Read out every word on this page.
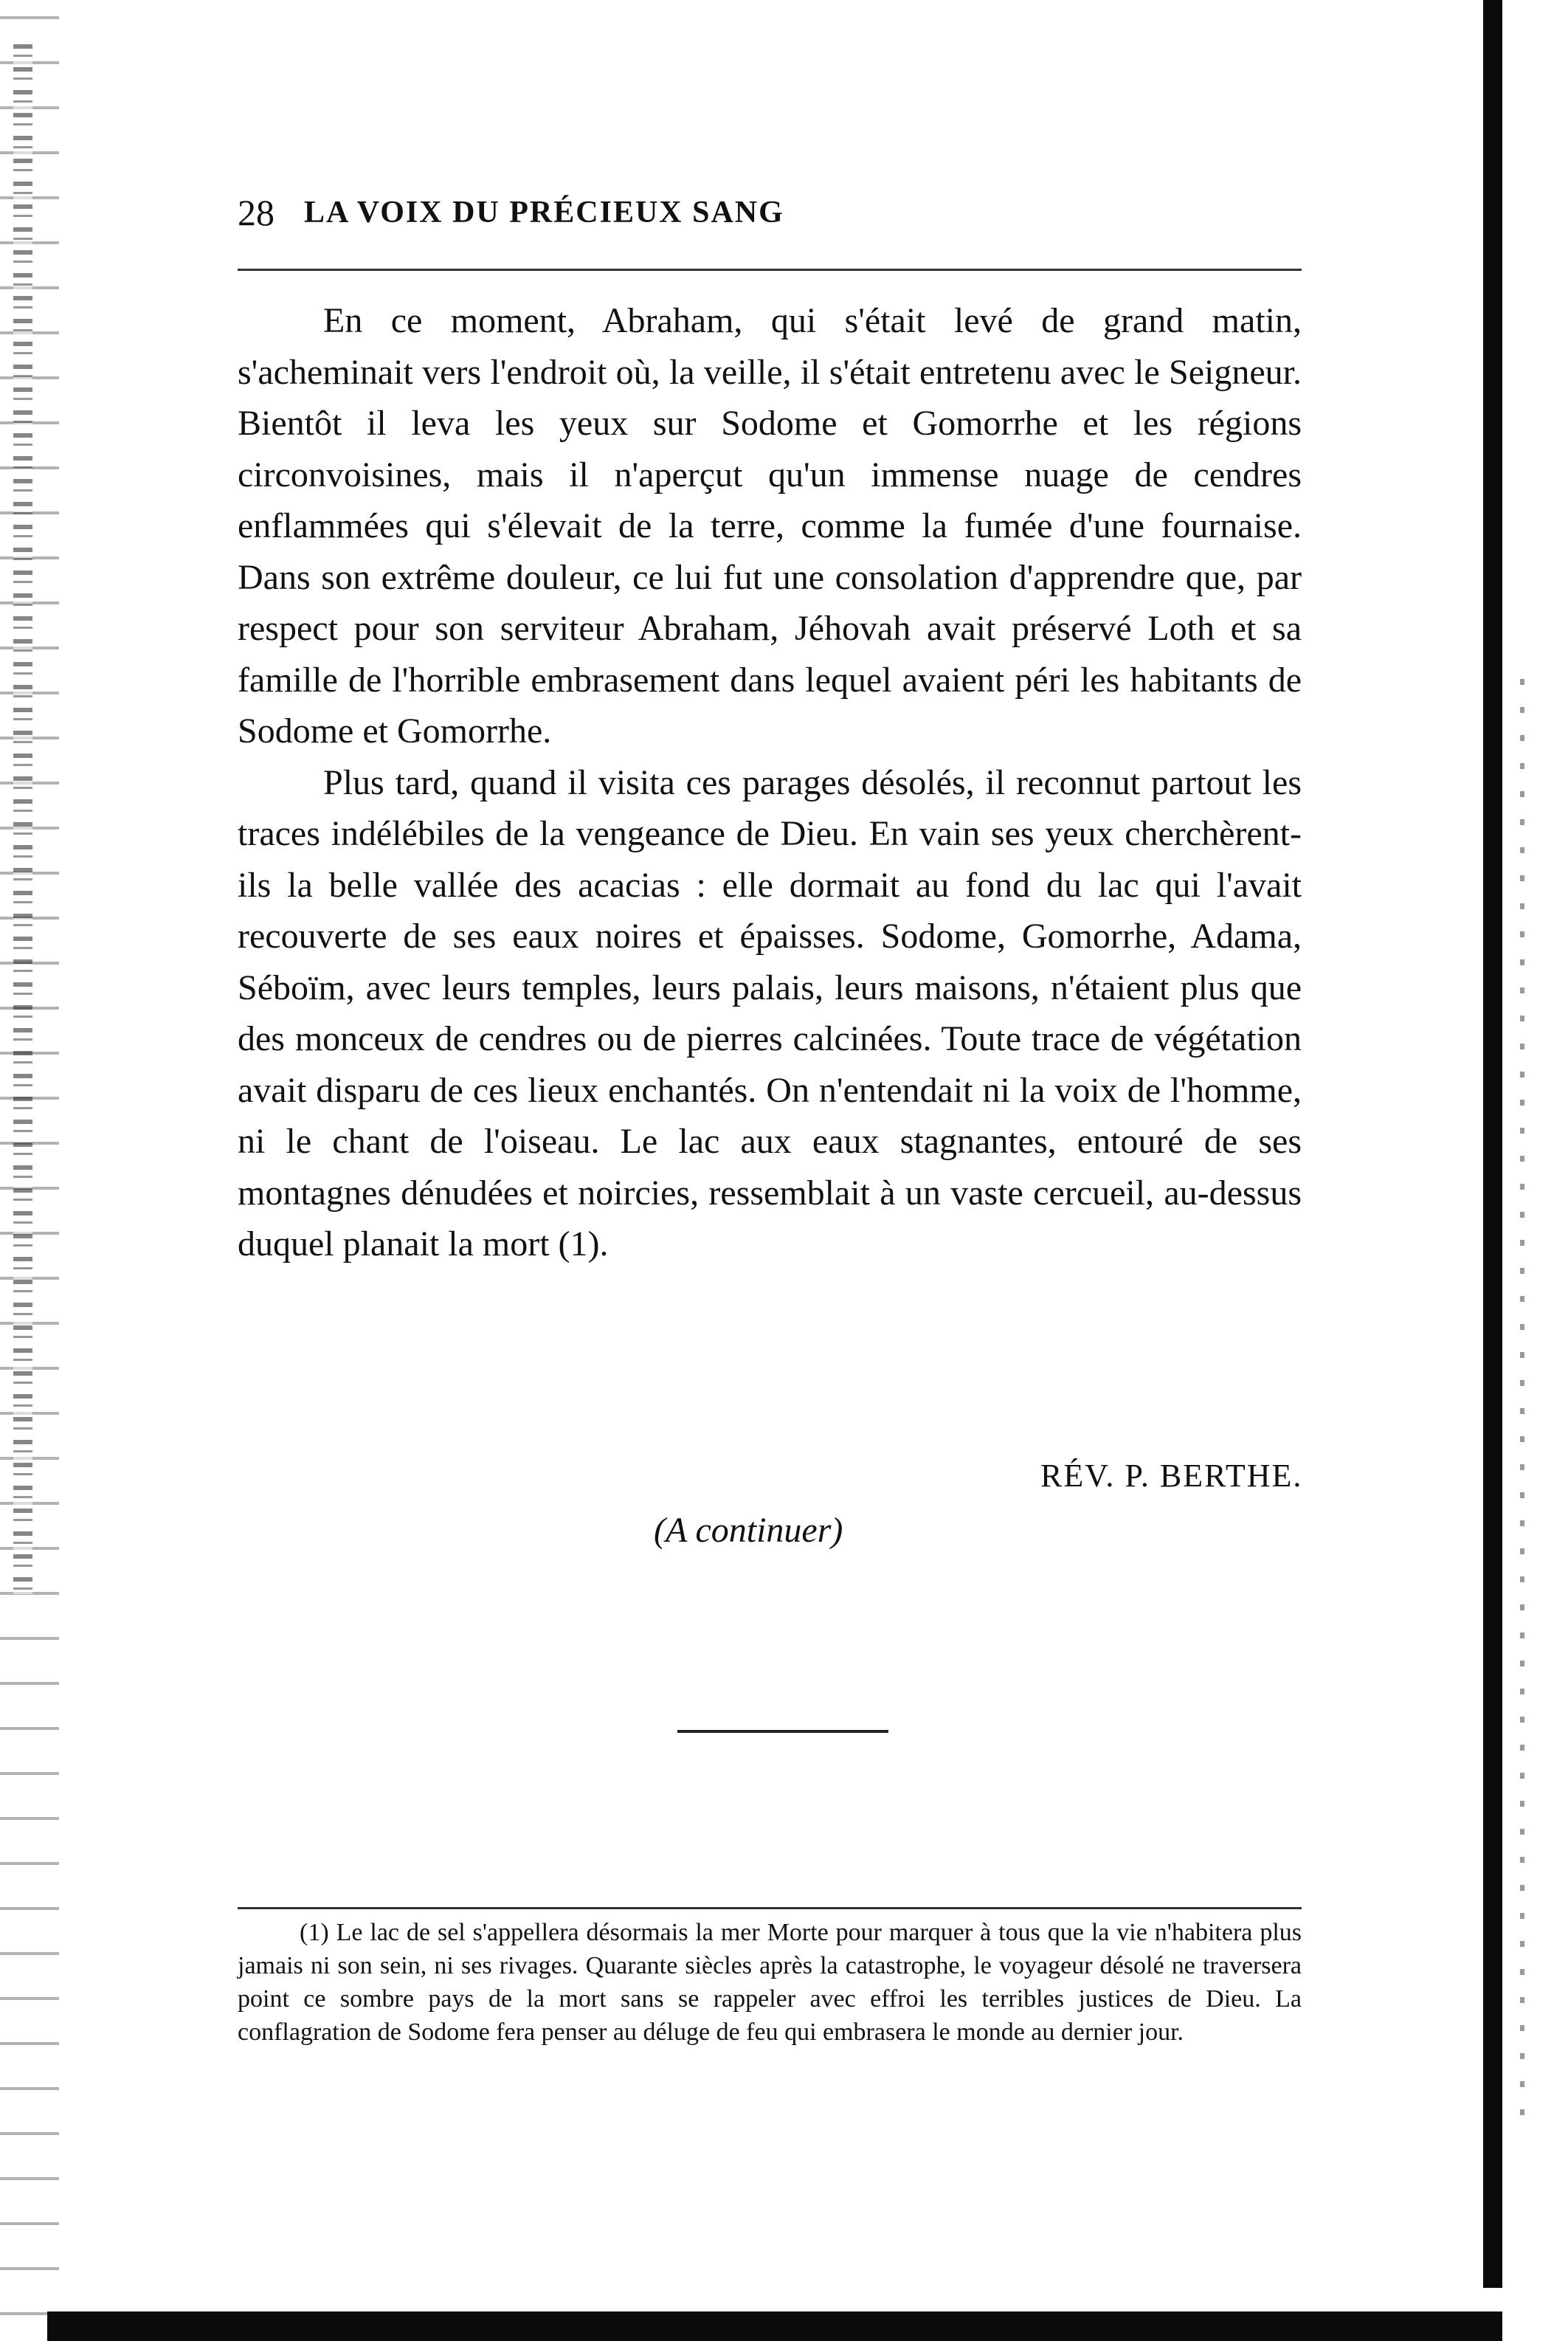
28 LA VOIX DU PRÉCIEUX SANG

En ce moment, Abraham, qui s'était levé de grand matin, s'acheminait vers l'endroit où, la veille, il s'était entretenu avec le Seigneur. Bientôt il leva les yeux sur Sodome et Gomorrhe et les régions circonvoisines, mais il n'aperçut qu'un immense nuage de cendres enflammées qui s'élevait de la terre, comme la fumée d'une fournaise. Dans son extrême douleur, ce lui fut une consolation d'apprendre que, par respect pour son serviteur Abraham, Jéhovah avait préservé Loth et sa famille de l'horrible embrasement dans lequel avaient péri les habitants de Sodome et Gomorrhe.

Plus tard, quand il visita ces parages désolés, il reconnut partout les traces indélébiles de la vengeance de Dieu. En vain ses yeux cherchèrent-ils la belle vallée des acacias : elle dormait au fond du lac qui l'avait recouverte de ses eaux noires et épaisses. Sodome, Gomorrhe, Adama, Séboïm, avec leurs temples, leurs palais, leurs maisons, n'étaient plus que des monceux de cendres ou de pierres calcinées. Toute trace de végétation avait disparu de ces lieux enchantés. On n'entendait ni la voix de l'homme, ni le chant de l'oiseau. Le lac aux eaux stagnantes, entouré de ses montagnes dénudées et noircies, ressemblait à un vaste cercueil, au-dessus duquel planait la mort (1).

RÉV. P. BERTHE.
(A continuer)

(1) Le lac de sel s'appellera désormais la mer Morte pour marquer à tous que la vie n'habitera plus jamais ni son sein, ni ses rivages. Quarante siècles après la catastrophe, le voyageur désolé ne traversera point ce sombre pays de la mort sans se rappeler avec effroi les terribles justices de Dieu. La conflagration de Sodome fera penser au déluge de feu qui embrasera le monde au dernier jour.
